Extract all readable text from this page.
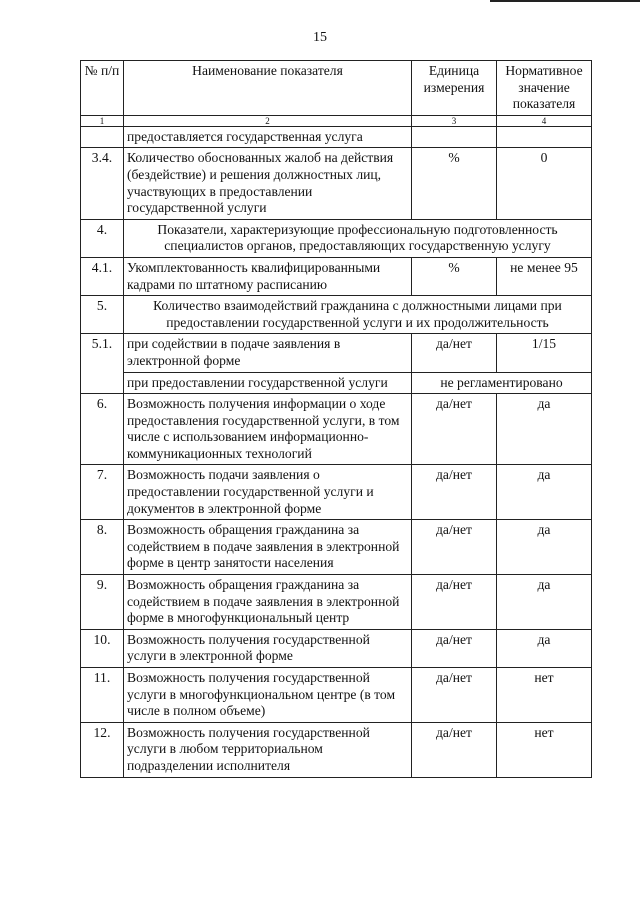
15
№ п/п	Наименование показателя	Единица измерения	Нормативное значение показателя
1	2	3	4
	предоставляется государственная услуга		
3.4.	Количество обоснованных жалоб на действия (бездействие) и решения должностных лиц, участвующих в предоставлении государственной услуги	%	0
4.	Показатели, характеризующие профессиональную подготовленность специалистов органов, предоставляющих государственную услугу		
4.1.	Укомплектованность квалифицированными кадрами по штатному расписанию	%	не менее 95
5.	Количество взаимодействий гражданина с должностными лицами при предоставлении государственной услуги и их продолжительность		
5.1.	при содействии в подаче заявления в электронной форме	да/нет	1/15
	при предоставлении государственной услуги	не регламентировано	
6.	Возможность получения информации о ходе предоставления государственной услуги, в том числе с использованием информационно-коммуникационных технологий	да/нет	да
7.	Возможность подачи заявления о предоставлении государственной услуги и документов в электронной форме	да/нет	да
8.	Возможность обращения гражданина за содействием в подаче заявления в электронной форме в центр занятости населения	да/нет	да
9.	Возможность обращения гражданина за содействием в подаче заявления в электронной форме в многофункциональный центр	да/нет	да
10.	Возможность получения государственной услуги в электронной форме	да/нет	да
11.	Возможность получения государственной услуги в многофункциональном центре (в том числе в полном объеме)	да/нет	нет
12.	Возможность получения государственной услуги в любом территориальном подразделении исполнителя	да/нет	нет
